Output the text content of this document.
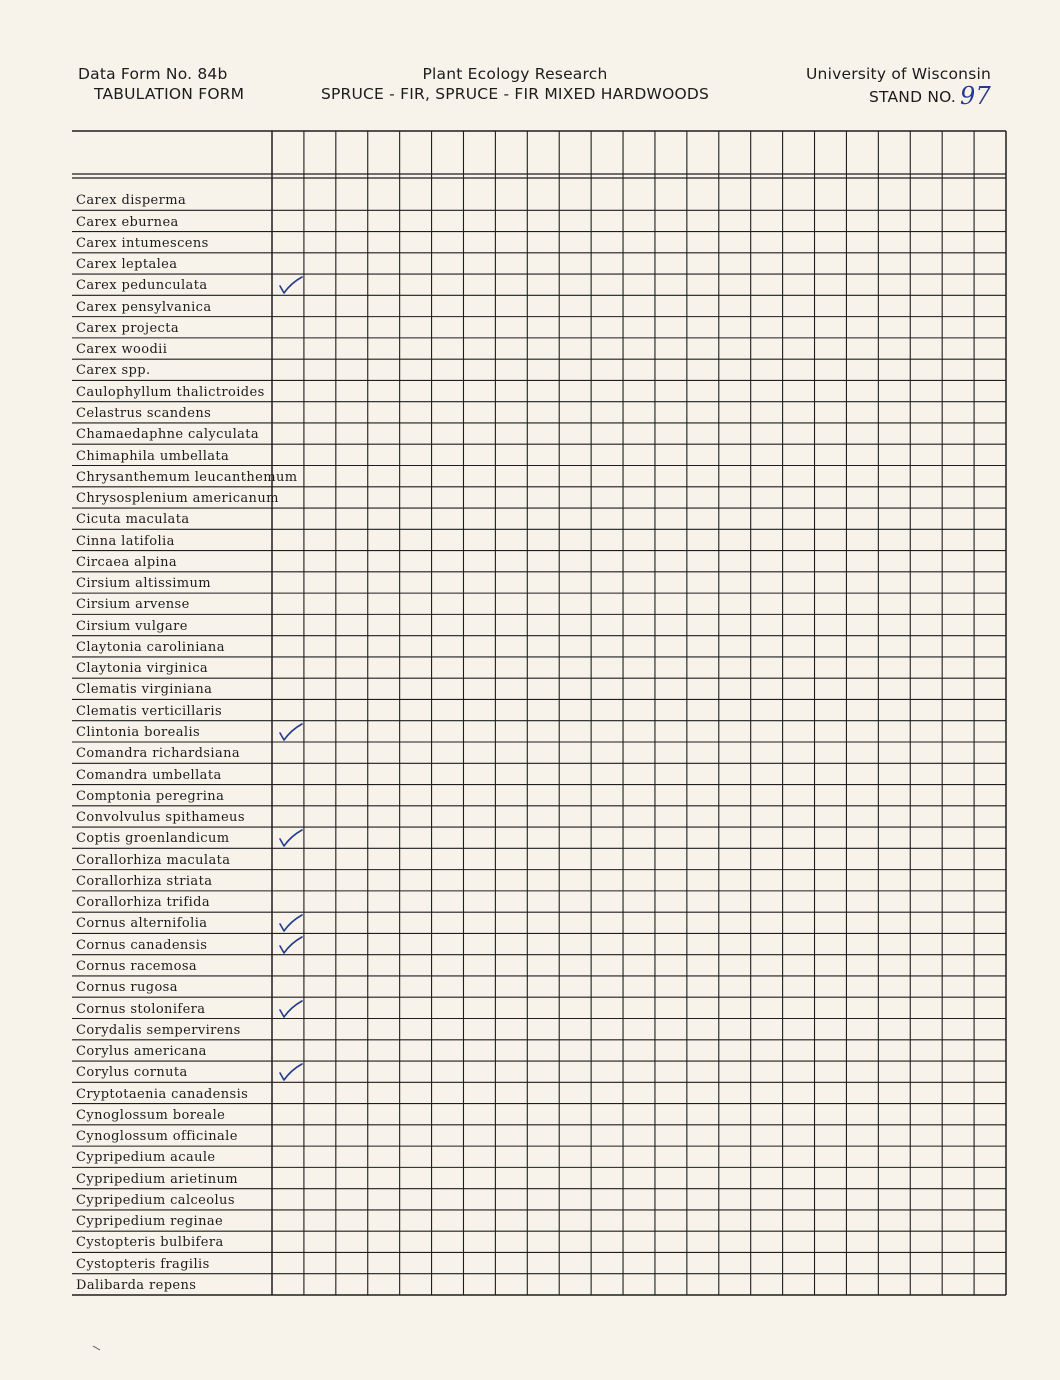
Data Form No. 84b
TABULATION FORM
Plant Ecology Research
SPRUCE - FIR, SPRUCE - FIR MIXED HARDWOODS
University of Wisconsin
STAND NO. 97
Carex disperma
Carex eburnea
Carex intumescens
Carex leptalea
Carex pedunculata
Carex pensylvanica
Carex projecta
Carex woodii
Carex spp.
Caulophyllum thalictroides
Celastrus scandens
Chamaedaphne calyculata
Chimaphila umbellata
Chrysanthemum leucanthemum
Chrysosplenium americanum
Cicuta maculata
Cinna latifolia
Circaea alpina
Cirsium altissimum
Cirsium arvense
Cirsium vulgare
Claytonia caroliniana
Claytonia virginica
Clematis virginiana
Clematis verticillaris
Clintonia borealis
Comandra richardsiana
Comandra umbellata
Comptonia peregrina
Convolvulus spithameus
Coptis groenlandicum
Corallorhiza maculata
Corallorhiza striata
Corallorhiza trifida
Cornus alternifolia
Cornus canadensis
Cornus racemosa
Cornus rugosa
Cornus stolonifera
Corydalis sempervirens
Corylus americana
Corylus cornuta
Cryptotaenia canadensis
Cynoglossum boreale
Cynoglossum officinale
Cypripedium acaule
Cypripedium arietinum
Cypripedium calceolus
Cypripedium reginae
Cystopteris bulbifera
Cystopteris fragilis
Dalibarda repens
